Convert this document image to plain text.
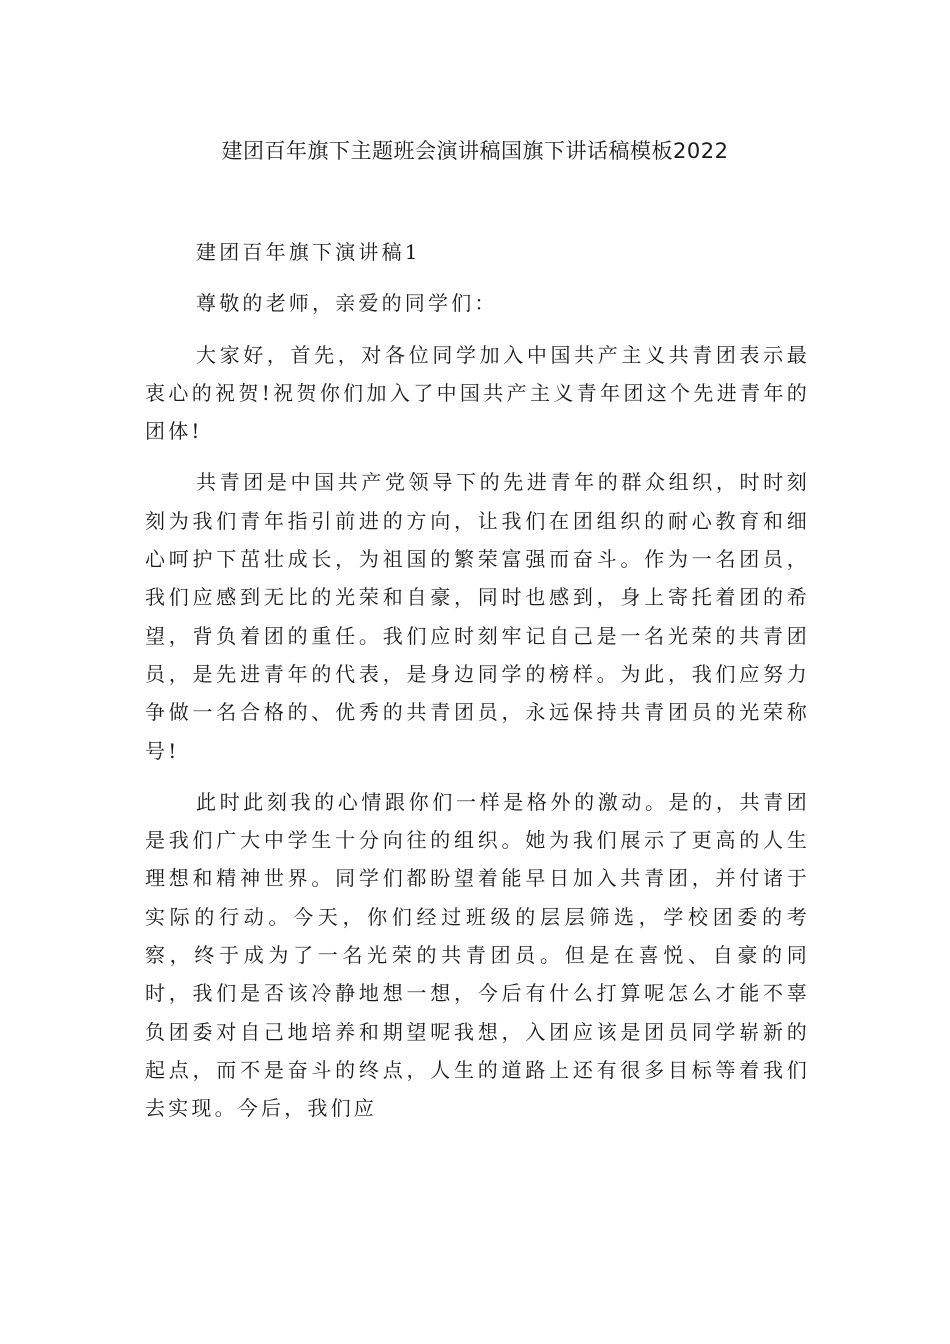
建团百年旗下主题班会演讲稿国旗下讲话稿模板2022

建团百年旗下演讲稿1

尊敬的老师，亲爱的同学们：

大家好，首先，对各位同学加入中国共产主义共青团表示最衷心的祝贺!祝贺你们加入了中国共产主义青年团这个先进青年的团体!

共青团是中国共产党领导下的先进青年的群众组织，时时刻刻为我们青年指引前进的方向，让我们在团组织的耐心教育和细心呵护下茁壮成长，为祖国的繁荣富强而奋斗。作为一名团员，我们应感到无比的光荣和自豪，同时也感到，身上寄托着团的希望，背负着团的重任。我们应时刻牢记自己是一名光荣的共青团员，是先进青年的代表，是身边同学的榜样。为此，我们应努力争做一名合格的、优秀的共青团员，永远保持共青团员的光荣称号!

此时此刻我的心情跟你们一样是格外的激动。是的，共青团是我们广大中学生十分向往的组织。她为我们展示了更高的人生理想和精神世界。同学们都盼望着能早日加入共青团，并付诸于实际的行动。今天，你们经过班级的层层筛选，学校团委的考察，终于成为了一名光荣的共青团员。但是在喜悦、自豪的同时，我们是否该冷静地想一想，今后有什么打算呢怎么才能不辜负团委对自己地培养和期望呢我想，入团应该是团员同学崭新的起点，而不是奋斗的终点，人生的道路上还有很多目标等着我们去实现。今后，我们应
